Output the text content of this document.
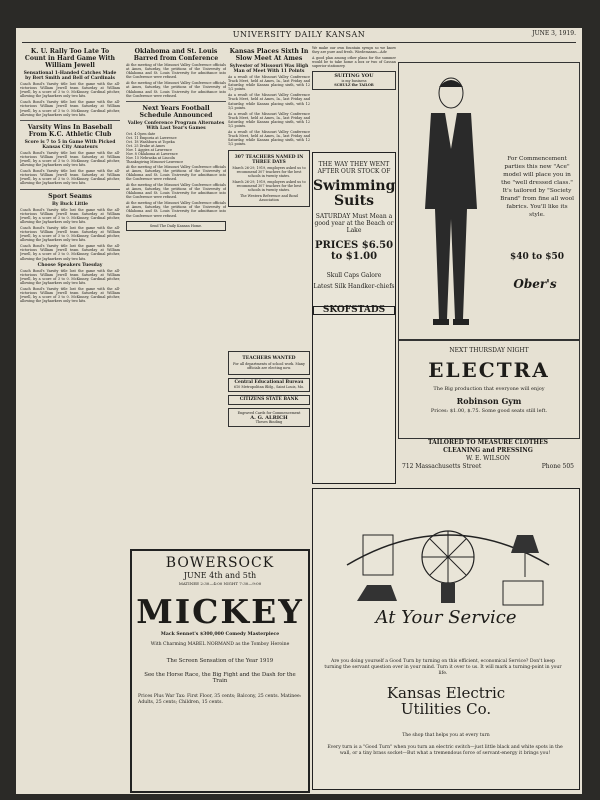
UNIVERSITY DAILY KANSAN	JUNE 3, 1919.
K. U. Rally Too Late To Count in Hard Game With William Jewell
Sensational 1-Handed Catches Made by Bert Smith and Bell of Cardinals

Coach Bond's Varsity title lost the game with the all-victorious William Jewell team Saturday at William Jewell, by a score of 3 to 0. McKinney, Cardinal pitcher, allowing the Jayhawkers only two hits.

Coach Bond's Varsity title lost the game with the all-victorious William Jewell team Saturday at William Jewell, by a score of 3 to 0. McKinney, Cardinal pitcher, allowing the Jayhawkers only two hits.

Varsity Wins In Baseball From K.C. Athletic Club
Score is 7 to 5 in Game With Picked Kansas City Amateurs

Coach Bond's Varsity title lost the game with the all-victorious William Jewell team Saturday at William Jewell, by a score of 3 to 0. McKinney, Cardinal pitcher, allowing the Jayhawkers only two hits.

Coach Bond's Varsity title lost the game with the all-victorious William Jewell team Saturday at William Jewell, by a score of 3 to 0. McKinney, Cardinal pitcher, allowing the Jayhawkers only two hits.

Sport Seams
By Buck Little

Coach Bond's Varsity title lost the game with the all-victorious William Jewell team Saturday at William Jewell, by a score of 3 to 0. McKinney, Cardinal pitcher, allowing the Jayhawkers only two hits.

Coach Bond's Varsity title lost the game with the all-victorious William Jewell team Saturday at William Jewell, by a score of 3 to 0. McKinney, Cardinal pitcher, allowing the Jayhawkers only two hits.

Coach Bond's Varsity title lost the game with the all-victorious William Jewell team Saturday at William Jewell, by a score of 3 to 0. McKinney, Cardinal pitcher, allowing the Jayhawkers only two hits.

Choose Speakers Tuesday

Coach Bond's Varsity title lost the game with the all-victorious William Jewell team Saturday at William Jewell, by a score of 3 to 0. McKinney, Cardinal pitcher, allowing the Jayhawkers only two hits.

Coach Bond's Varsity title lost the game with the all-victorious William Jewell team Saturday at William Jewell, by a score of 3 to 0. McKinney, Cardinal pitcher, allowing the Jayhawkers only two hits.

Oklahoma and St. Louis Barred from Conference

At the meeting of the Missouri Valley Conference officials at Ames, Saturday, the petitions of the University of Oklahoma and St. Louis University for admittance into the Conference were refused.

At the meeting of the Missouri Valley Conference officials at Ames, Saturday, the petitions of the University of Oklahoma and St. Louis University for admittance into the Conference were refused.

Next Years Football Schedule Announced
Valley Conference Program Alternates With Last Year's Games
Oct. 4 Open date
Oct. 11 Emporia at Lawrence
Oct. 18 Washburn at Topeka
Oct. 25 Drake at Ames
Nov. 1 Aggies at Lawrence
Nov. 8 Oklahoma at Lawrence
Nov. 15 Nebraska at Lincoln
Thanksgiving Missouri-Lawrence

At the meeting of the Missouri Valley Conference officials at Ames, Saturday, the petitions of the University of Oklahoma and St. Louis University for admittance into the Conference were refused.

At the meeting of the Missouri Valley Conference officials at Ames, Saturday, the petitions of the University of Oklahoma and St. Louis University for admittance into the Conference were refused.

At the meeting of the Missouri Valley Conference officials at Ames, Saturday, the petitions of the University of Oklahoma and St. Louis University for admittance into the Conference were refused.

Send The Daily Kansan Home.
Kansas Places Sixth In Slow Meet At Ames
Sylvester of Missouri Was High Man of Meet With 11 Points

As a result of the Missouri Valley Conference Track Meet, held at Ames, Ia., last Friday and Saturday, while Kansas placing sixth, with 12 1/2 points.

As a result of the Missouri Valley Conference Track Meet, held at Ames, Ia., last Friday and Saturday, while Kansas placing sixth, with 12 1/2 points.

As a result of the Missouri Valley Conference Track Meet, held at Ames, Ia., last Friday and Saturday, while Kansas placing sixth, with 12 1/2 points.

As a result of the Missouri Valley Conference Track Meet, held at Ames, Ia., last Friday and Saturday, while Kansas placing sixth, with 12 1/2 points.

307 TEACHERS NAMED IN THREE DAYS

March 26-29, 1919, employers asked us to recommend 307 teachers for the best schools in twenty states.

March 26-29, 1919, employers asked us to recommend 307 teachers for the best schools in twenty states.

The Western Reference and Bond Association

We make our own fountain syrups so we know they are pure and fresh. Wiedemanns—Adv.

A good plan among other plans for the summer would be to take home a box or two of Cassan superior stationery.

SUITING YOU
is my business
SCHULZ the TAILOR
THE WAY THEY WENT AFTER OUR STOCK OF
Swimming Suits
SATURDAY Must Mean a good year at the Beach or Lake
PRICES $6.50 to $1.00
Skull Caps Galore
Latest Silk Handker-chiefs
SKOFSTADS
For Commencement parties this new "Ace" model will place you in the "well dressed class." It's tailored by "Society Brand" from fine all wool fabrics. You'll like its style.
$40 to $50
Ober's
NEXT THURSDAY NIGHT
ELECTRA
The Big production that everyone will enjoy
Robinson Gym
Prices: $1.00, $.75. Some good seats still left.
TAILORED TO MEASURE CLOTHES
CLEANING and PRESSING
W. E. WILSON
712 Massachusetts Street	Phone 505
BOWERSOCK
JUNE 4th and 5th
MATINEE 2:30—4:00 NIGHT 7:30—9:00
MICKEY
Mack Sennet's $300,000 Comedy Masterpiece
With Charming MABEL NORMAND as the Tomboy Heroine
The Screen Sensation of the Year 1919
See the Horse Race, the Big Fight and the Dash for the Train
Prices Plus War Tax: First Floor, 35 cents; Balcony, 25 cents. Matinee: Adults, 25 cents; Children, 15 cents.
At Your Service
Are you doing yourself a Good Turn by turning on this efficient, economical Service? Don't keep turning the servant question over in your mind. Turn it over to us. It will mark a turning-point in your life.
Kansas Electric
Utilities Co.
The shop that helps you at every turn
Every turn is a "Good Turn" when you turn an electric switch—just little black and white spots in the wall, or a tiny brass socket—But what a tremendous force of servant-energy it brings you!
TEACHERS WANTED

For all departments of school work. Many officials are electing now.

Central Educational Bureau
610 Metropolitan Bldg., Saint Louis, Mo.
CITIZENS STATE BANK
Engraved Cards for Commencement
A. G. ALRICH
Theses Binding
